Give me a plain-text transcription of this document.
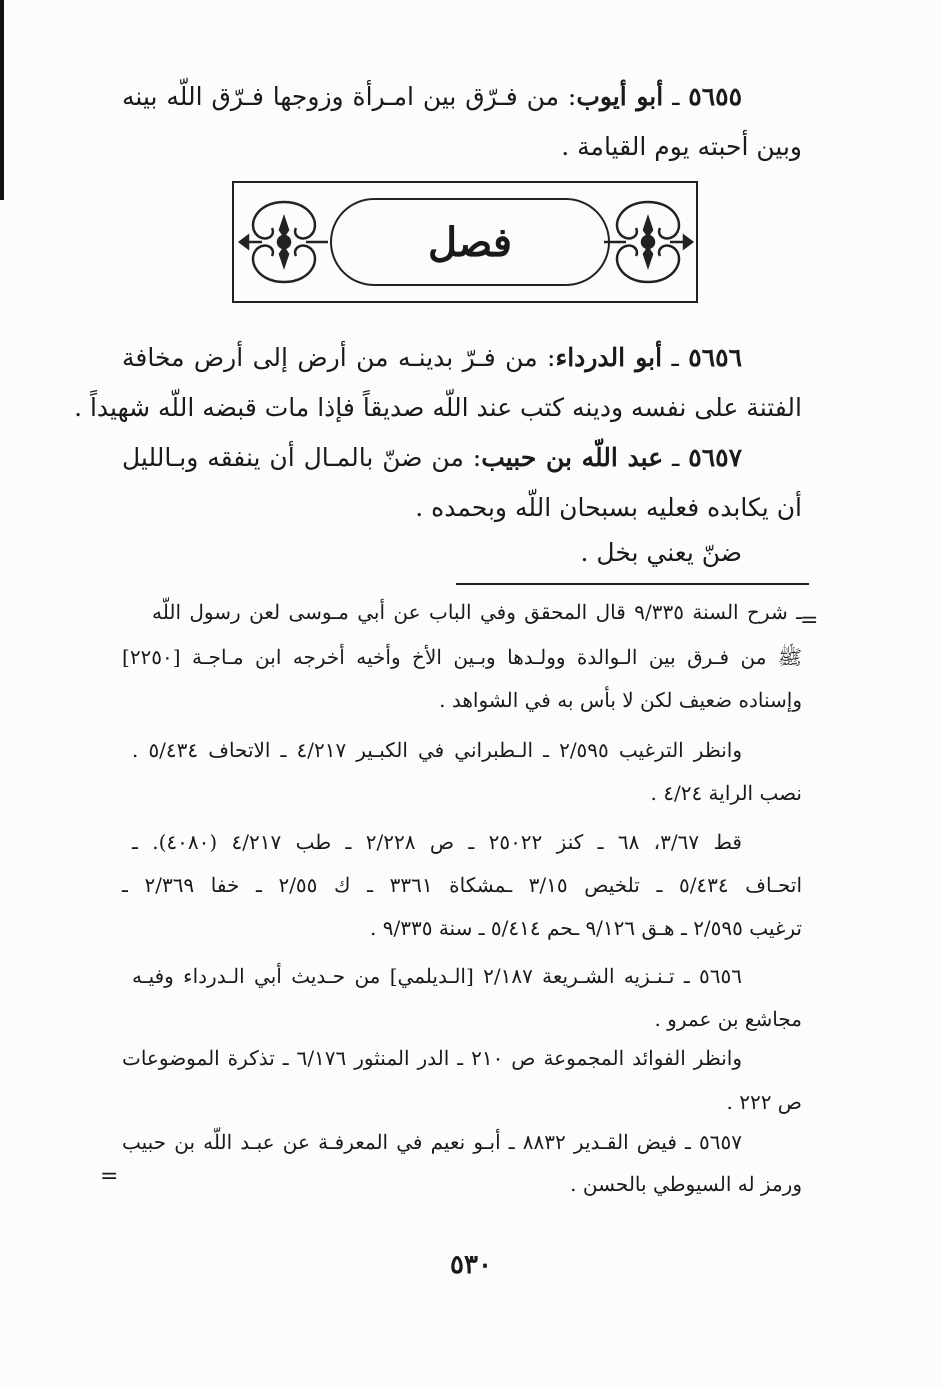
٥٦٥٥ ـ أبو أيوب: من فـرّق بين امـرأة وزوجها فـرّق اللّه بينه
وبين أحبته يوم القيامة .
فصل
٥٦٥٦ ـ أبو الدرداء: من فـرّ بدينـه من أرض إلى أرض مخافة
الفتنة على نفسه ودينه كتب عند اللّه صديقاً فإذا مات قبضه اللّه شهيداً .
٥٦٥٧ ـ عبد اللّه بن حبيب: من ضنّ بالمـال أن ينفقه وبـالليل
أن يكابده فعليه بسبحان اللّه وبحمده .
ضنّ يعني بخل .
=
ـ شرح السنة ٩/٣٣٥ قال المحقق وفي الباب عن أبي مـوسى لعن رسول اللّه
ﷺ من فـرق بين الـوالدة وولـدها وبـين الأخ وأخيه أخرجه ابن مـاجـة [٢٢٥٠]
وإسناده ضعيف لكن لا بأس به في الشواهد .
وانظر الترغيب ٢/٥٩٥ ـ الـطبراني في الكبـير ٤/٢١٧ ـ الاتحاف ٥/٤٣٤ .
نصب الراية ٤/٢٤ .
قط ٣/٦٧، ٦٨ ـ كنز ٢٥٠٢٢ ـ ص ٢/٢٢٨ ـ طب ٤/٢١٧ (٤٠٨٠). ـ
اتحـاف ٥/٤٣٤ ـ تلخيص ٣/١٥ ـمشكاة ٣٣٦١ ـ ك ٢/٥٥ ـ خفا ٢/٣٦٩ ـ
ترغيب ٢/٥٩٥ ـ هـق ٩/١٢٦ ـحم ٥/٤١٤ ـ سنة ٩/٣٣٥ .
٥٦٥٦ ـ تـنـزيه الشـريعة ٢/١٨٧ [الـديلمي] من حـديث أبي الـدرداء وفيـه
مجاشع بن عمرو .
وانظر الفوائد المجموعة ص ٢١٠ ـ الدر المنثور ٦/١٧٦ ـ تذكرة الموضوعات
ص ٢٢٢ .
٥٦٥٧ ـ فيض القـدير ٨٨٣٢ ـ أبـو نعيم في المعرفـة عن عبـد اللّه بن حبيب
ورمز له السيوطي بالحسن .
=
٥٣٠
